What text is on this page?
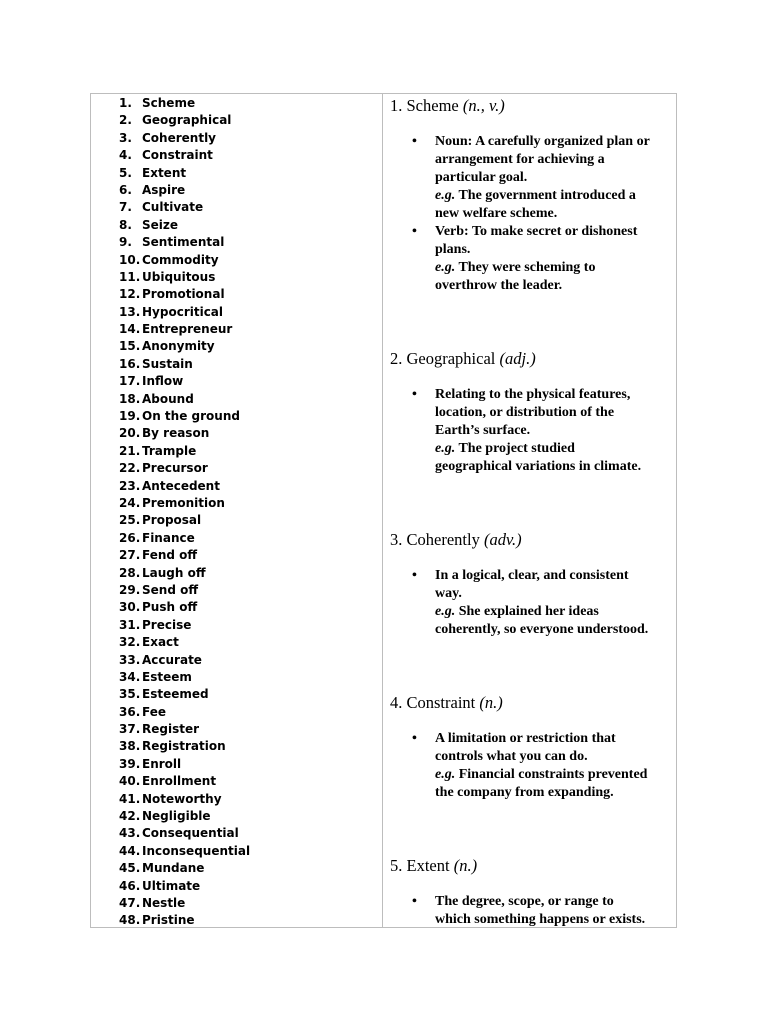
1. Scheme
2. Geographical
3. Coherently
4. Constraint
5. Extent
6. Aspire
7. Cultivate
8. Seize
9. Sentimental
10. Commodity
11. Ubiquitous
12. Promotional
13. Hypocritical
14. Entrepreneur
15. Anonymity
16. Sustain
17. Inflow
18. Abound
19. On the ground
20. By reason
21. Trample
22. Precursor
23. Antecedent
24. Premonition
25. Proposal
26. Finance
27. Fend off
28. Laugh off
29. Send off
30. Push off
31. Precise
32. Exact
33. Accurate
34. Esteem
35. Esteemed
36. Fee
37. Register
38. Registration
39. Enroll
40. Enrollment
41. Noteworthy
42. Negligible
43. Consequential
44. Inconsequential
45. Mundane
46. Ultimate
47. Nestle
48. Pristine

1. Scheme (n., v.)

• Noun: A carefully organized plan or
arrangement for achieving a
particular goal.
e.g. The government introduced a
new welfare scheme.
• Verb: To make secret or dishonest
plans.
e.g. They were scheming to
overthrow the leader.

2. Geographical (adj.)

• Relating to the physical features,
location, or distribution of the
Earth’s surface.
e.g. The project studied
geographical variations in climate.

3. Coherently (adv.)

• In a logical, clear, and consistent
way.
e.g. She explained her ideas
coherently, so everyone understood.

4. Constraint (n.)

• A limitation or restriction that
controls what you can do.
e.g. Financial constraints prevented
the company from expanding.

5. Extent (n.)

• The degree, scope, or range to
which something happens or exists.
